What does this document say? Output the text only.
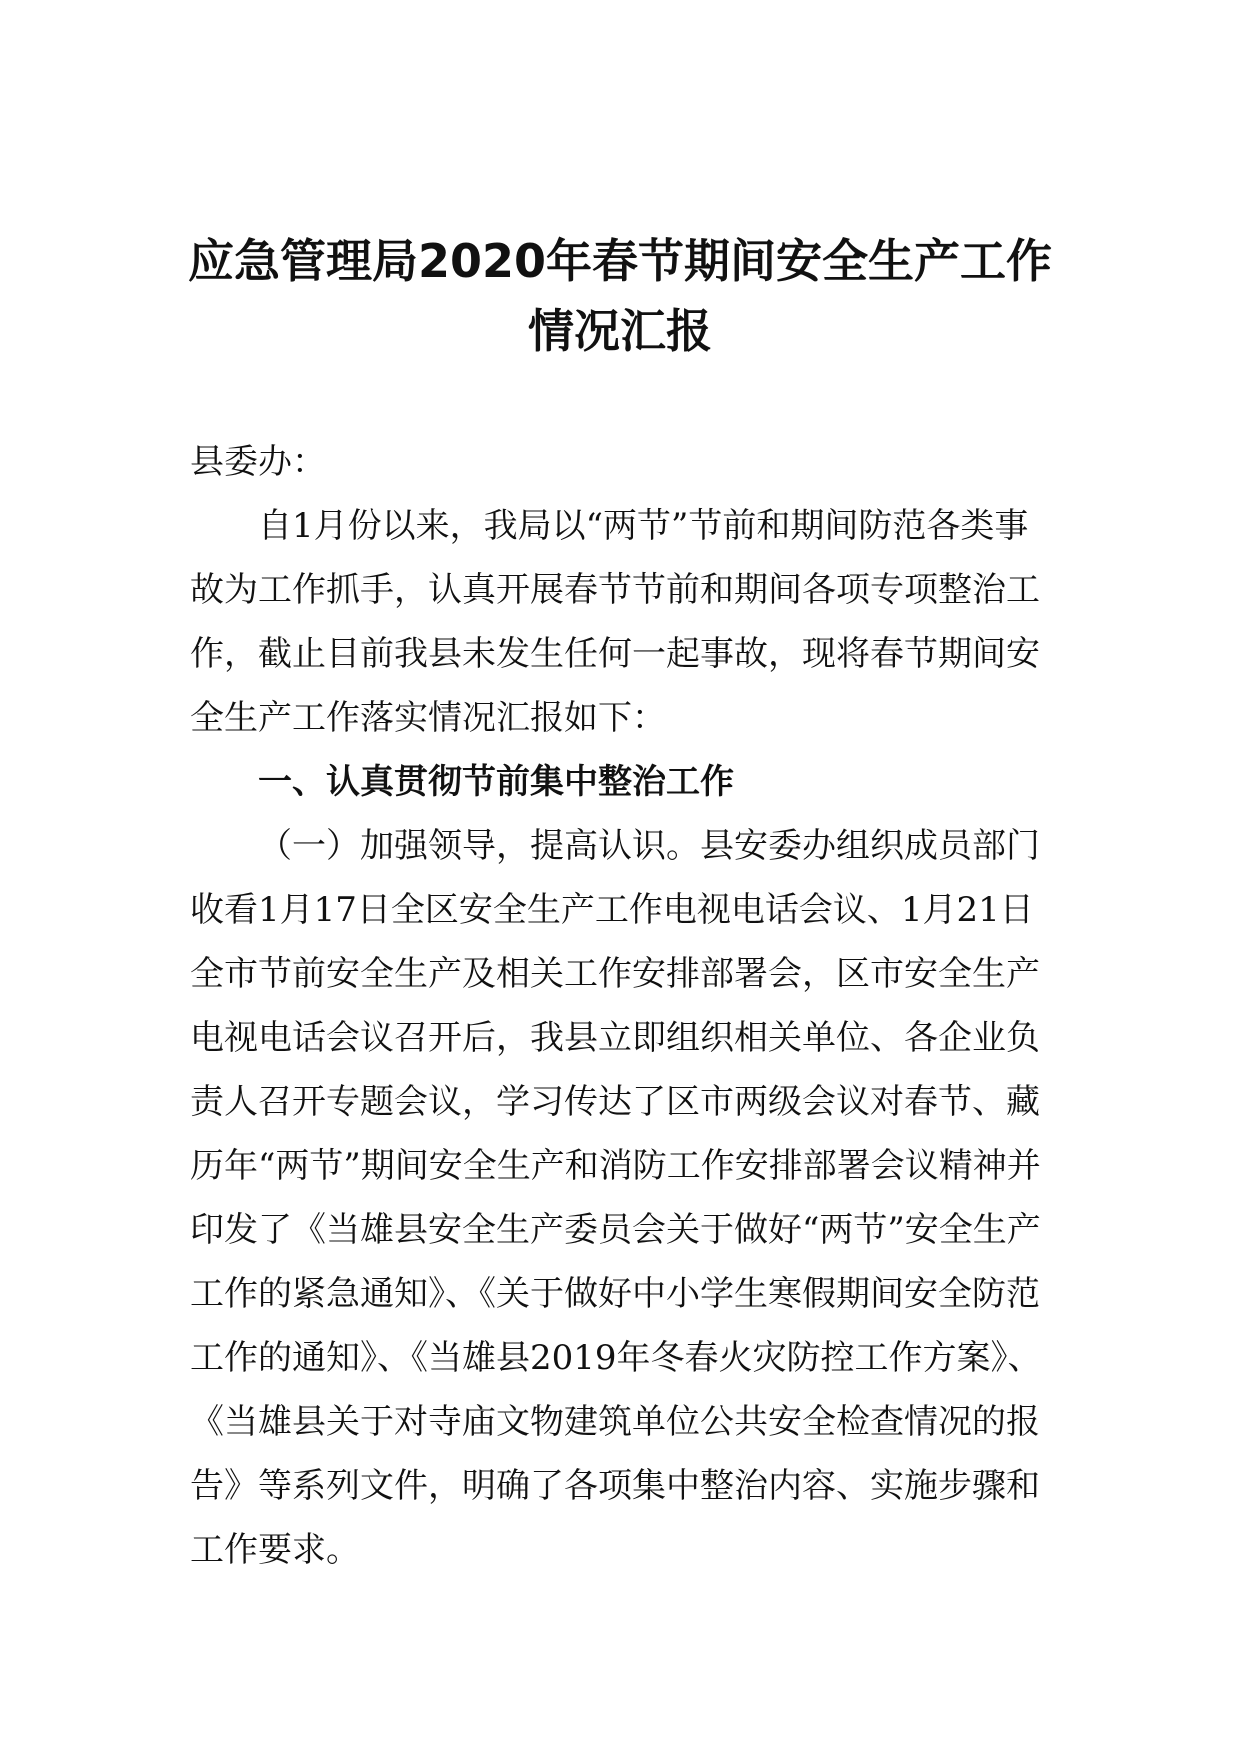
应急管理局2020年春节期间安全生产工作
情况汇报

县委办：

自1月份以来，我局以“两节”节前和期间防范各类事故为工作抓手，认真开展春节节前和期间各项专项整治工作，截止目前我县未发生任何一起事故，现将春节期间安全生产工作落实情况汇报如下：

一、认真贯彻节前集中整治工作

（一）加强领导，提高认识。县安委办组织成员部门收看1月17日全区安全生产工作电视电话会议、1月21日全市节前安全生产及相关工作安排部署会，区市安全生产电视电话会议召开后，我县立即组织相关单位、各企业负责人召开专题会议，学习传达了区市两级会议对春节、藏历年“两节”期间安全生产和消防工作安排部署会议精神并印发了《当雄县安全生产委员会关于做好“两节”安全生产工作的紧急通知》、《关于做好中小学生寒假期间安全防范工作的通知》、《当雄县2019年冬春火灾防控工作方案》、《当雄县关于对寺庙文物建筑单位公共安全检查情况的报告》等系列文件，明确了各项集中整治内容、实施步骤和工作要求。
